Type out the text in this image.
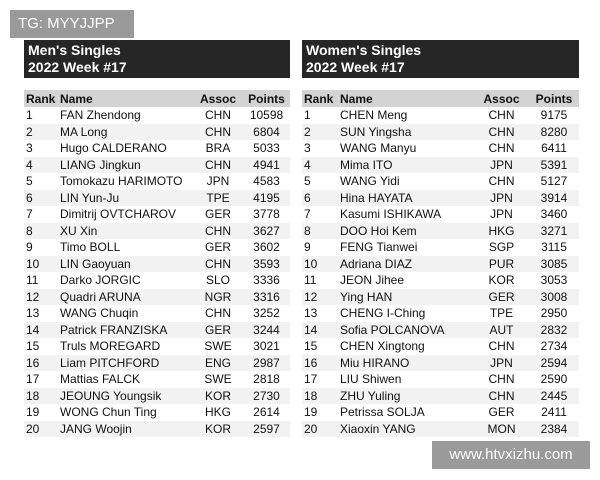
TG: MYYJJPP
Men's Singles
2022 Week #17
Rank	Name	Assoc	Points
1	FAN Zhendong	CHN	10598
2	MA Long	CHN	6804
3	Hugo CALDERANO	BRA	5033
4	LIANG Jingkun	CHN	4941
5	Tomokazu HARIMOTO	JPN	4583
6	LIN Yun-Ju	TPE	4195
7	Dimitrij OVTCHAROV	GER	3778
8	XU Xin	CHN	3627
9	Timo BOLL	GER	3602
10	LIN Gaoyuan	CHN	3593
11	Darko JORGIC	SLO	3336
12	Quadri ARUNA	NGR	3316
13	WANG Chuqin	CHN	3252
14	Patrick FRANZISKA	GER	3244
15	Truls MOREGARD	SWE	3021
16	Liam PITCHFORD	ENG	2987
17	Mattias FALCK	SWE	2818
18	JEOUNG Youngsik	KOR	2730
19	WONG Chun Ting	HKG	2614
20	JANG Woojin	KOR	2597
Women's Singles
2022 Week #17
Rank	Name	Assoc	Points
1	CHEN Meng	CHN	9175
2	SUN Yingsha	CHN	8280
3	WANG Manyu	CHN	6411
4	Mima ITO	JPN	5391
5	WANG Yidi	CHN	5127
6	Hina HAYATA	JPN	3914
7	Kasumi ISHIKAWA	JPN	3460
8	DOO Hoi Kem	HKG	3271
9	FENG Tianwei	SGP	3115
10	Adriana DIAZ	PUR	3085
11	JEON Jihee	KOR	3053
12	Ying HAN	GER	3008
13	CHENG I-Ching	TPE	2950
14	Sofia POLCANOVA	AUT	2832
15	CHEN Xingtong	CHN	2734
16	Miu HIRANO	JPN	2594
17	LIU Shiwen	CHN	2590
18	ZHU Yuling	CHN	2445
19	Petrissa SOLJA	GER	2411
20	Xiaoxin YANG	MON	2384
www.htvxizhu.com
